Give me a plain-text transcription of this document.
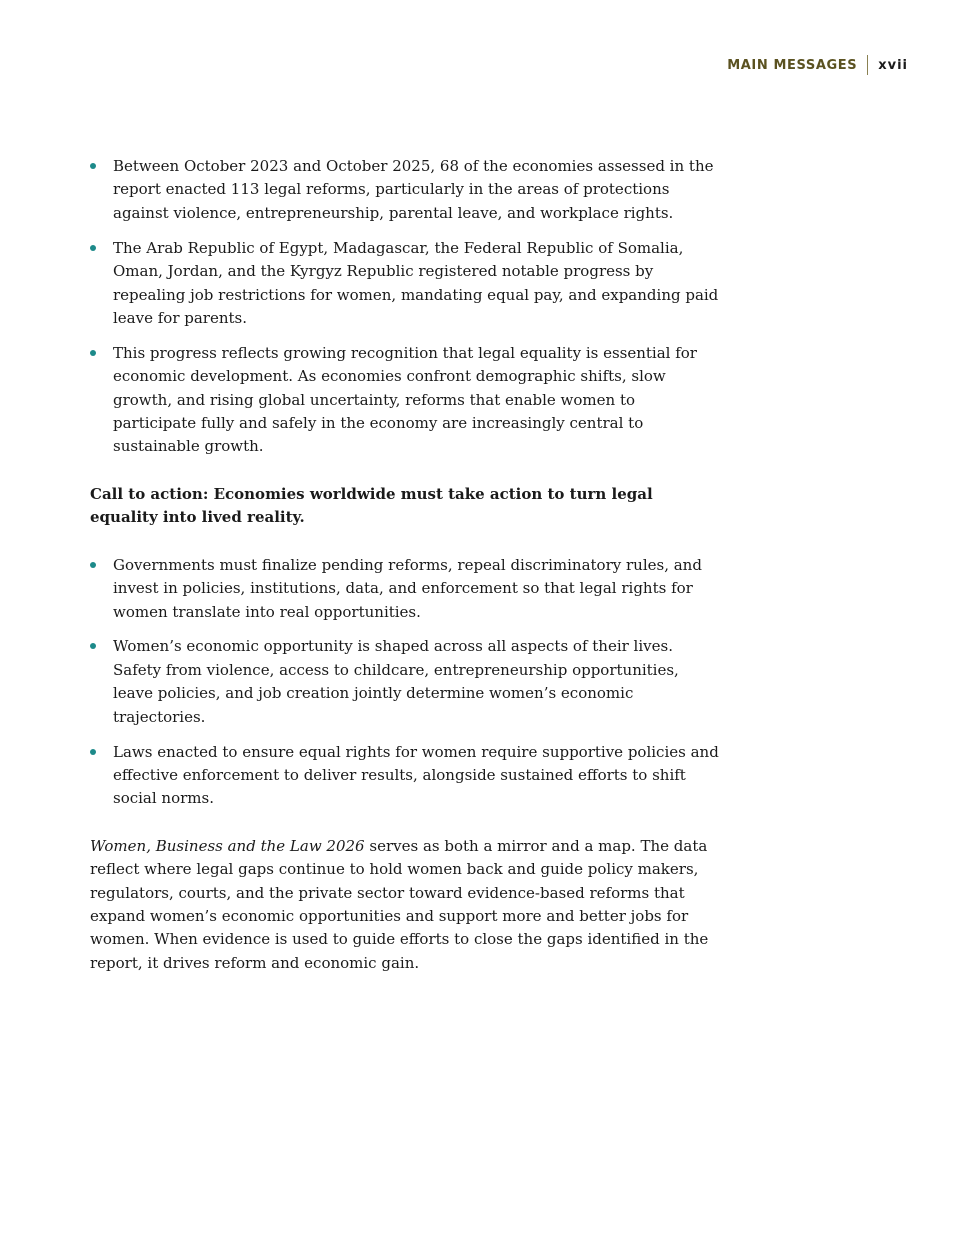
MAIN MESSAGES xvii
Between October 2023 and October 2025, 68 of the economies assessed in the report enacted 113 legal reforms, particularly in the areas of protections against violence, entrepreneurship, parental leave, and workplace rights.
The Arab Republic of Egypt, Madagascar, the Federal Republic of Somalia, Oman, Jordan, and the Kyrgyz Republic registered notable progress by repealing job restrictions for women, mandating equal pay, and expanding paid leave for parents.
This progress reflects growing recognition that legal equality is essential for economic development. As economies confront demographic shifts, slow growth, and rising global uncertainty, reforms that enable women to participate fully and safely in the economy are increasingly central to sustainable growth.

Call to action: Economies worldwide must take action to turn legal equality into lived reality.

Governments must finalize pending reforms, repeal discriminatory rules, and invest in policies, institutions, data, and enforcement so that legal rights for women translate into real opportunities.
Women’s economic opportunity is shaped across all aspects of their lives. Safety from violence, access to childcare, entrepreneurship opportunities, leave policies, and job creation jointly determine women’s economic trajectories.
Laws enacted to ensure equal rights for women require supportive policies and effective enforcement to deliver results, alongside sustained efforts to shift social norms.

Women, Business and the Law 2026 serves as both a mirror and a map. The data reflect where legal gaps continue to hold women back and guide policy makers, regulators, courts, and the private sector toward evidence-based reforms that expand women’s economic opportunities and support more and better jobs for women. When evidence is used to guide efforts to close the gaps identified in the report, it drives reform and economic gain.
